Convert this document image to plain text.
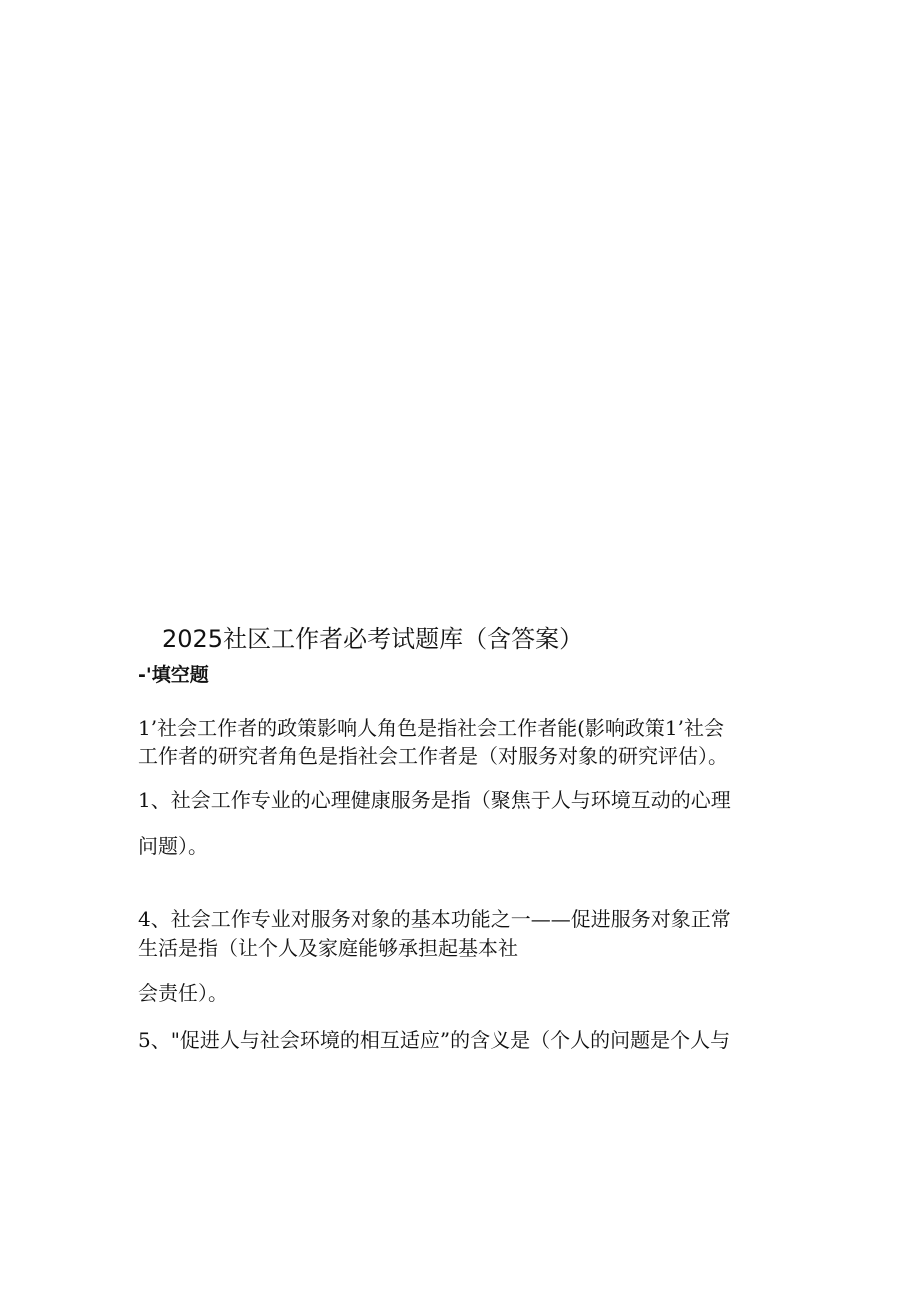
2025社区工作者必考试题库（含答案）
-'填空题
1’社会工作者的政策影响人角色是指社会工作者能(影响政策1’社会
工作者的研究者角色是指社会工作者是（对服务对象的研究评估）。
1、社会工作专业的心理健康服务是指（聚焦于人与环境互动的心理
问题）。
4、社会工作专业对服务对象的基本功能之一——促进服务对象正常
生活是指（让个人及家庭能够承担起基本社
会责任）。
5、"促进人与社会环境的相互适应”的含义是（个人的问题是个人与
